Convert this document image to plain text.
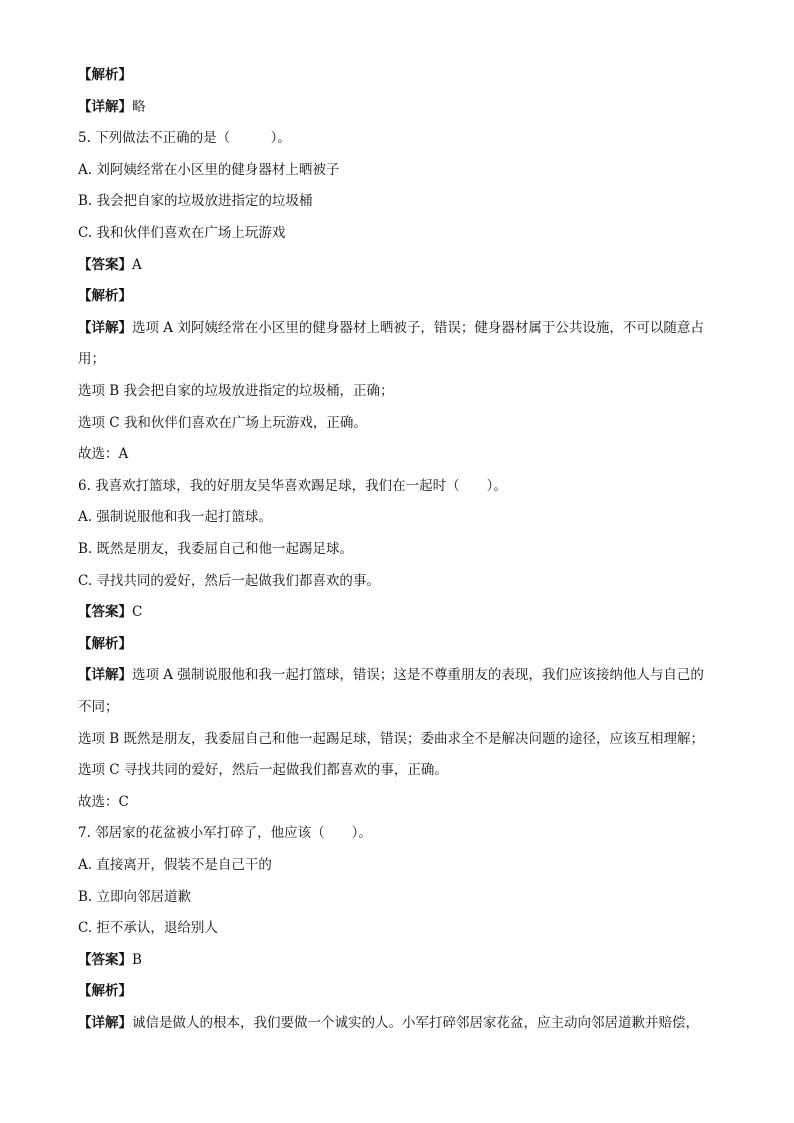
【解析】
【详解】略
5. 下列做法不正确的是（　　　）。
A. 刘阿姨经常在小区里的健身器材上晒被子
B. 我会把自家的垃圾放进指定的垃圾桶
C. 我和伙伴们喜欢在广场上玩游戏
【答案】A
【解析】
【详解】选项 A 刘阿姨经常在小区里的健身器材上晒被子，错误；健身器材属于公共设施，不可以随意占
用；
选项 B 我会把自家的垃圾放进指定的垃圾桶，正确；
选项 C 我和伙伴们喜欢在广场上玩游戏，正确。
故选：A
6. 我喜欢打篮球，我的好朋友吴华喜欢踢足球，我们在一起时（　　）。
A. 强制说服他和我一起打篮球。
B. 既然是朋友，我委屈自己和他一起踢足球。
C. 寻找共同的爱好，然后一起做我们都喜欢的事。
【答案】C
【解析】
【详解】选项 A 强制说服他和我一起打篮球，错误；这是不尊重朋友的表现，我们应该接纳他人与自己的
不同；
选项 B 既然是朋友，我委屈自己和他一起踢足球，错误；委曲求全不是解决问题的途径，应该互相理解；
选项 C 寻找共同的爱好，然后一起做我们都喜欢的事，正确。
故选：C
7. 邻居家的花盆被小军打碎了，他应该（　　）。
A. 直接离开，假装不是自己干的
B. 立即向邻居道歉
C. 拒不承认，退给别人
【答案】B
【解析】
【详解】诚信是做人的根本，我们要做一个诚实的人。小军打碎邻居家花盆，应主动向邻居道歉并赔偿，
